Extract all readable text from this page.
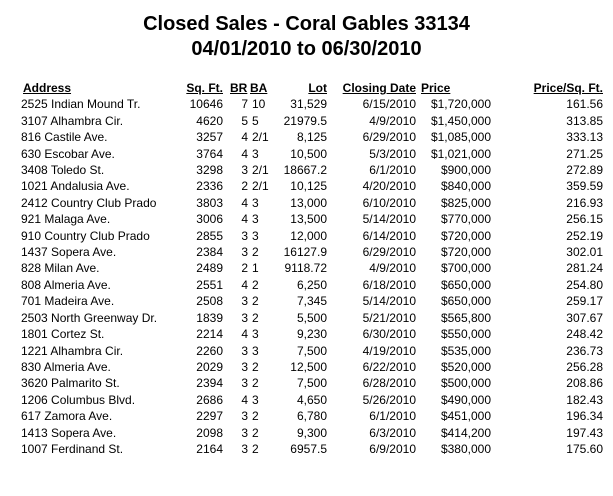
Closed Sales - Coral Gables 33134
04/01/2010 to 06/30/2010
Address	Sq. Ft.	BR	BA	Lot	Closing Date	Price	Price/Sq. Ft.
2525 Indian Mound Tr.	10646	7	10	31,529	6/15/2010	$1,720,000	161.56
3107 Alhambra Cir.	4620	5	5	21979.5	4/9/2010	$1,450,000	313.85
816 Castile Ave.	3257	4	2/1	8,125	6/29/2010	$1,085,000	333.13
630 Escobar Ave.	3764	4	3	10,500	5/3/2010	$1,021,000	271.25
3408 Toledo St.	3298	3	2/1	18667.2	6/1/2010	$900,000	272.89
1021 Andalusia Ave.	2336	2	2/1	10,125	4/20/2010	$840,000	359.59
2412 Country Club Prado	3803	4	3	13,000	6/10/2010	$825,000	216.93
921 Malaga Ave.	3006	4	3	13,500	5/14/2010	$770,000	256.15
910 Country Club Prado	2855	3	3	12,000	6/14/2010	$720,000	252.19
1437 Sopera Ave.	2384	3	2	16127.9	6/29/2010	$720,000	302.01
828 Milan Ave.	2489	2	1	9118.72	4/9/2010	$700,000	281.24
808 Almeria Ave.	2551	4	2	6,250	6/18/2010	$650,000	254.80
701 Madeira Ave.	2508	3	2	7,345	5/14/2010	$650,000	259.17
2503 North Greenway Dr.	1839	3	2	5,500	5/21/2010	$565,800	307.67
1801 Cortez St.	2214	4	3	9,230	6/30/2010	$550,000	248.42
1221 Alhambra Cir.	2260	3	3	7,500	4/19/2010	$535,000	236.73
830 Almeria Ave.	2029	3	2	12,500	6/22/2010	$520,000	256.28
3620 Palmarito St.	2394	3	2	7,500	6/28/2010	$500,000	208.86
1206 Columbus Blvd.	2686	4	3	4,650	5/26/2010	$490,000	182.43
617 Zamora Ave.	2297	3	2	6,780	6/1/2010	$451,000	196.34
1413 Sopera Ave.	2098	3	2	9,300	6/3/2010	$414,200	197.43
1007 Ferdinand St.	2164	3	2	6957.5	6/9/2010	$380,000	175.60
